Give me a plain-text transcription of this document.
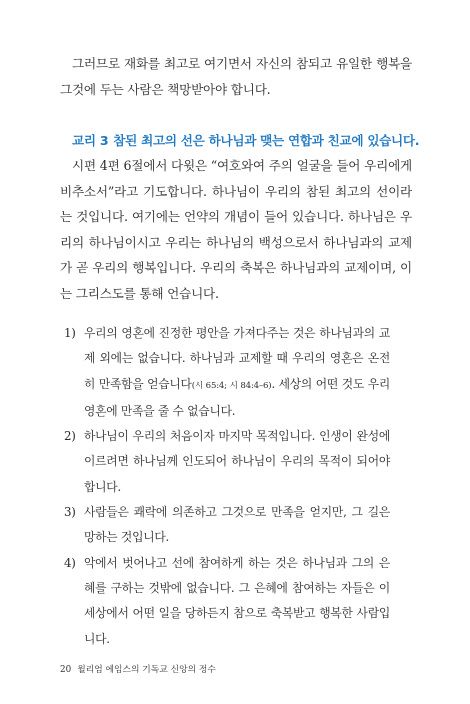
그러므로 재화를 최고로 여기면서 자신의 참되고 유일한 행복을 그것에 두는 사람은 책망받아야 합니다.

교리 3 참된 최고의 선은 하나님과 맺는 연합과 친교에 있습니다.

시편 4편 6절에서 다윗은 “여호와여 주의 얼굴을 들어 우리에게 비추소서”라고 기도합니다. 하나님이 우리의 참된 최고의 선이라는 것입니다. 여기에는 언약의 개념이 들어 있습니다. 하나님은 우리의 하나님이시고 우리는 하나님의 백성으로서 하나님과의 교제가 곧 우리의 행복입니다. 우리의 축복은 하나님과의 교제이며, 이는 그리스도를 통해 언습니다.

1) 우리의 영혼에 진정한 평안을 가져다주는 것은 하나님과의 교제 외에는 없습니다. 하나님과 교제할 때 우리의 영혼은 온전히 만족함을 얻습니다(시 65:4; 시 84:4–6). 세상의 어떤 것도 우리 영혼에 만족을 줄 수 없습니다.
2) 하나님이 우리의 처음이자 마지막 목적입니다. 인생이 완성에 이르려면 하나님께 인도되어 하나님이 우리의 목적이 되어야 합니다.
3) 사람들은 쾌락에 의존하고 그것으로 만족을 얻지만, 그 길은 망하는 것입니다.
4) 악에서 벗어나고 선에 참여하게 하는 것은 하나님과 그의 은혜를 구하는 것밖에 없습니다. 그 은혜에 참여하는 자들은 이 세상에서 어떤 일을 당하든지 참으로 축복받고 행복한 사람입니다.
20 윌리엄 에임스의 기독교 신앙의 정수
